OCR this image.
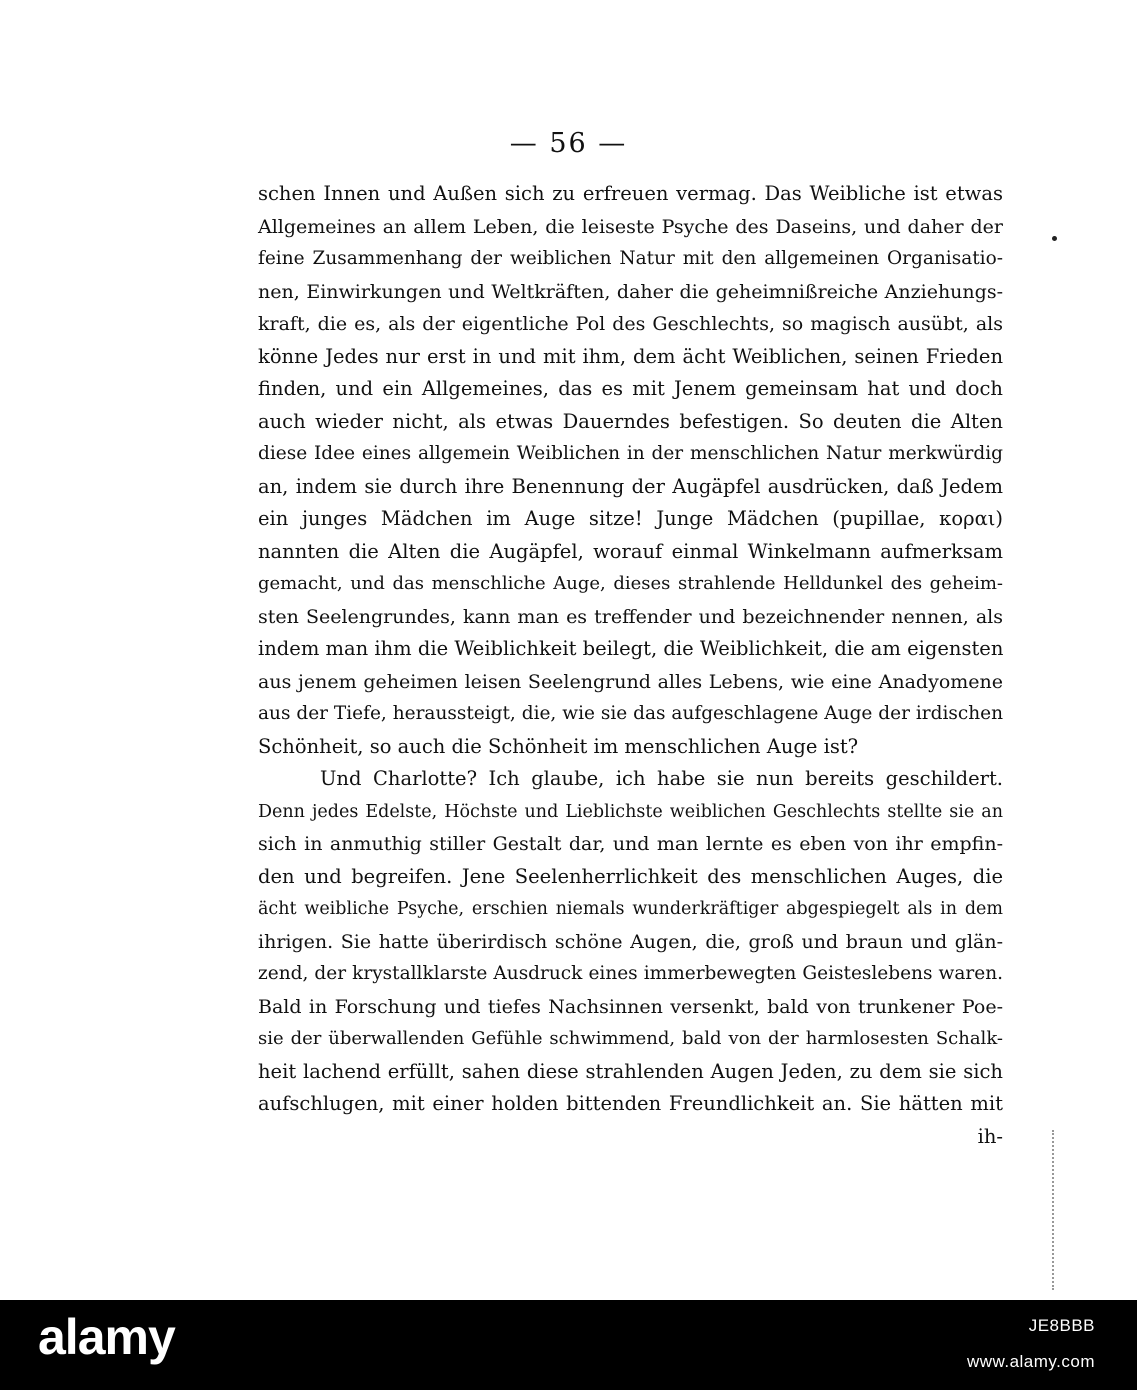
— 56 —
schen Innen und Außen sich zu erfreuen vermag. Das Weibliche ist etwas
Allgemeines an allem Leben, die leiseste Psyche des Daseins, und daher der
feine Zusammenhang der weiblichen Natur mit den allgemeinen Organisatio-
nen, Einwirkungen und Weltkräften, daher die geheimnißreiche Anziehungs-
kraft, die es, als der eigentliche Pol des Geschlechts, so magisch ausübt, als
könne Jedes nur erst in und mit ihm, dem ächt Weiblichen, seinen Frieden
finden, und ein Allgemeines, das es mit Jenem gemeinsam hat und doch
auch wieder nicht, als etwas Dauerndes befestigen. So deuten die Alten
diese Idee eines allgemein Weiblichen in der menschlichen Natur merkwürdig
an, indem sie durch ihre Benennung der Augäpfel ausdrücken, daß Jedem
ein junges Mädchen im Auge sitze! Junge Mädchen (pupillae, κοραι)
nannten die Alten die Augäpfel, worauf einmal Winkelmann aufmerksam
gemacht, und das menschliche Auge, dieses strahlende Helldunkel des geheim-
sten Seelengrundes, kann man es treffender und bezeichnender nennen, als
indem man ihm die Weiblichkeit beilegt, die Weiblichkeit, die am eigensten
aus jenem geheimen leisen Seelengrund alles Lebens, wie eine Anadyomene
aus der Tiefe, heraussteigt, die, wie sie das aufgeschlagene Auge der irdischen
Schönheit, so auch die Schönheit im menschlichen Auge ist?
Und Charlotte? Ich glaube, ich habe sie nun bereits geschildert.
Denn jedes Edelste, Höchste und Lieblichste weiblichen Geschlechts stellte sie an
sich in anmuthig stiller Gestalt dar, und man lernte es eben von ihr empfin-
den und begreifen. Jene Seelenherrlichkeit des menschlichen Auges, die
ächt weibliche Psyche, erschien niemals wunderkräftiger abgespiegelt als in dem
ihrigen. Sie hatte überirdisch schöne Augen, die, groß und braun und glän-
zend, der krystallklarste Ausdruck eines immerbewegten Geisteslebens waren.
Bald in Forschung und tiefes Nachsinnen versenkt, bald von trunkener Poe-
sie der überwallenden Gefühle schwimmend, bald von der harmlosesten Schalk-
heit lachend erfüllt, sahen diese strahlenden Augen Jeden, zu dem sie sich
aufschlugen, mit einer holden bittenden Freundlichkeit an. Sie hätten mit
ih-
alamy	JE8BBB
www.alamy.com
